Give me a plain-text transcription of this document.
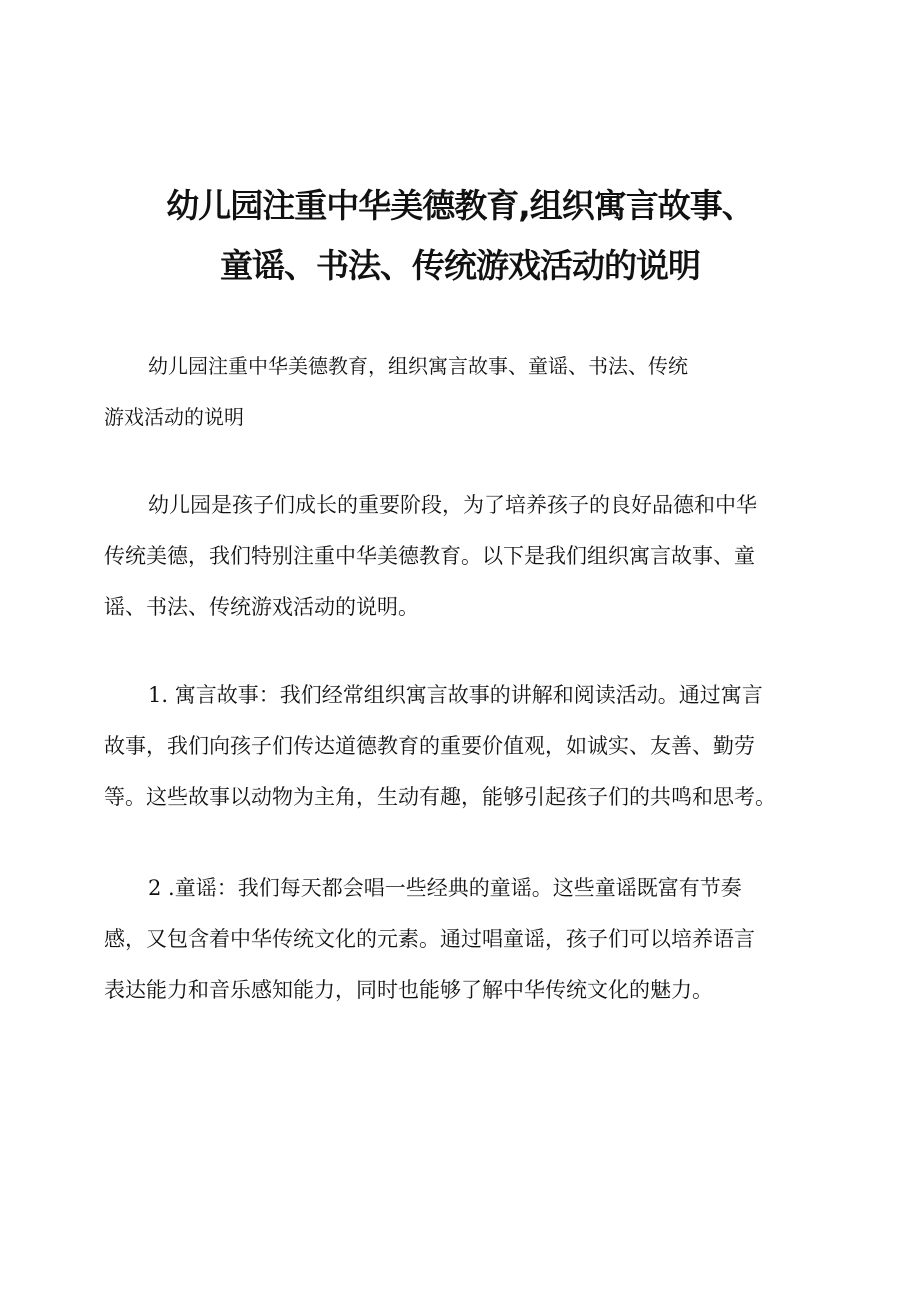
幼儿园注重中华美德教育,组织寓言故事、
童谣、书法、传统游戏活动的说明

幼儿园注重中华美德教育，组织寓言故事、童谣、书法、传统
游戏活动的说明

幼儿园是孩子们成长的重要阶段，为了培养孩子的良好品德和中华
传统美德，我们特别注重中华美德教育。以下是我们组织寓言故事、童
谣、书法、传统游戏活动的说明。

1. 寓言故事：我们经常组织寓言故事的讲解和阅读活动。通过寓言
故事，我们向孩子们传达道德教育的重要价值观，如诚实、友善、勤劳
等。这些故事以动物为主角，生动有趣，能够引起孩子们的共鸣和思考。

2 .童谣：我们每天都会唱一些经典的童谣。这些童谣既富有节奏
感，又包含着中华传统文化的元素。通过唱童谣，孩子们可以培养语言
表达能力和音乐感知能力，同时也能够了解中华传统文化的魅力。
